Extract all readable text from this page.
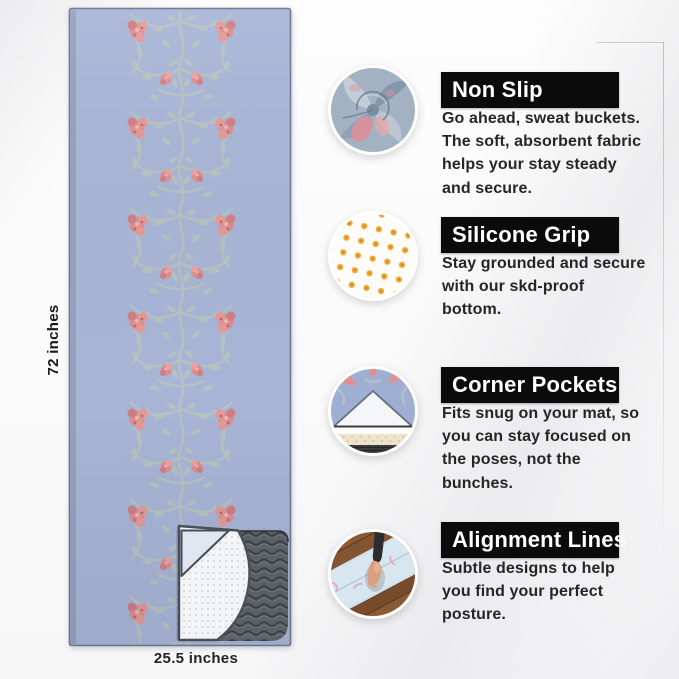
72 inches
25.5 inches
Non Slip

Go ahead, sweat buckets. The soft, absorbent fabric helps your stay steady and secure.

Silicone Grip

Stay grounded and secure with our skd-proof bottom.

Corner Pockets

Fits snug on your mat, so you can stay focused on the poses, not the bunches.

Alignment Lines

Subtle designs to help you find your perfect posture.
